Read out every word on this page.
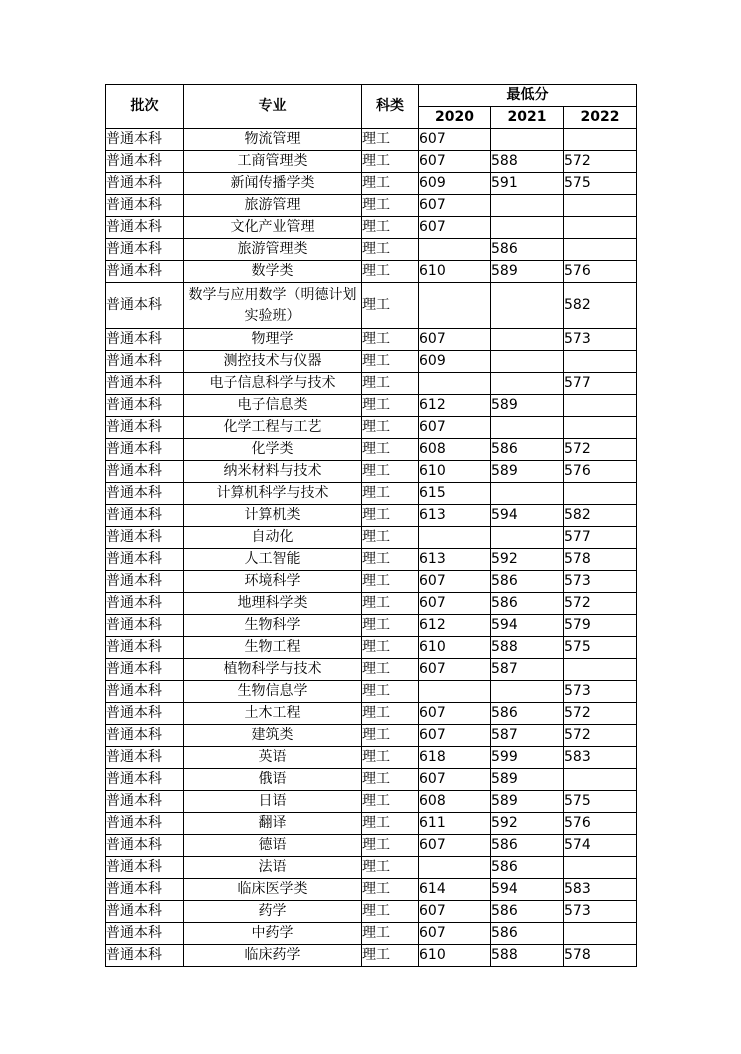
批次	专业	科类	最低分		
			2020	2021	2022
普通本科	物流管理	理工	607		
普通本科	工商管理类	理工	607	588	572
普通本科	新闻传播学类	理工	609	591	575
普通本科	旅游管理	理工	607		
普通本科	文化产业管理	理工	607		
普通本科	旅游管理类	理工		586	
普通本科	数学类	理工	610	589	576
普通本科	数学与应用数学（明德计划实验班）	理工			582
普通本科	物理学	理工	607		573
普通本科	测控技术与仪器	理工	609		
普通本科	电子信息科学与技术	理工			577
普通本科	电子信息类	理工	612	589	
普通本科	化学工程与工艺	理工	607		
普通本科	化学类	理工	608	586	572
普通本科	纳米材料与技术	理工	610	589	576
普通本科	计算机科学与技术	理工	615		
普通本科	计算机类	理工	613	594	582
普通本科	自动化	理工			577
普通本科	人工智能	理工	613	592	578
普通本科	环境科学	理工	607	586	573
普通本科	地理科学类	理工	607	586	572
普通本科	生物科学	理工	612	594	579
普通本科	生物工程	理工	610	588	575
普通本科	植物科学与技术	理工	607	587	
普通本科	生物信息学	理工			573
普通本科	土木工程	理工	607	586	572
普通本科	建筑类	理工	607	587	572
普通本科	英语	理工	618	599	583
普通本科	俄语	理工	607	589	
普通本科	日语	理工	608	589	575
普通本科	翻译	理工	611	592	576
普通本科	德语	理工	607	586	574
普通本科	法语	理工		586	
普通本科	临床医学类	理工	614	594	583
普通本科	药学	理工	607	586	573
普通本科	中药学	理工	607	586	
普通本科	临床药学	理工	610	588	578
